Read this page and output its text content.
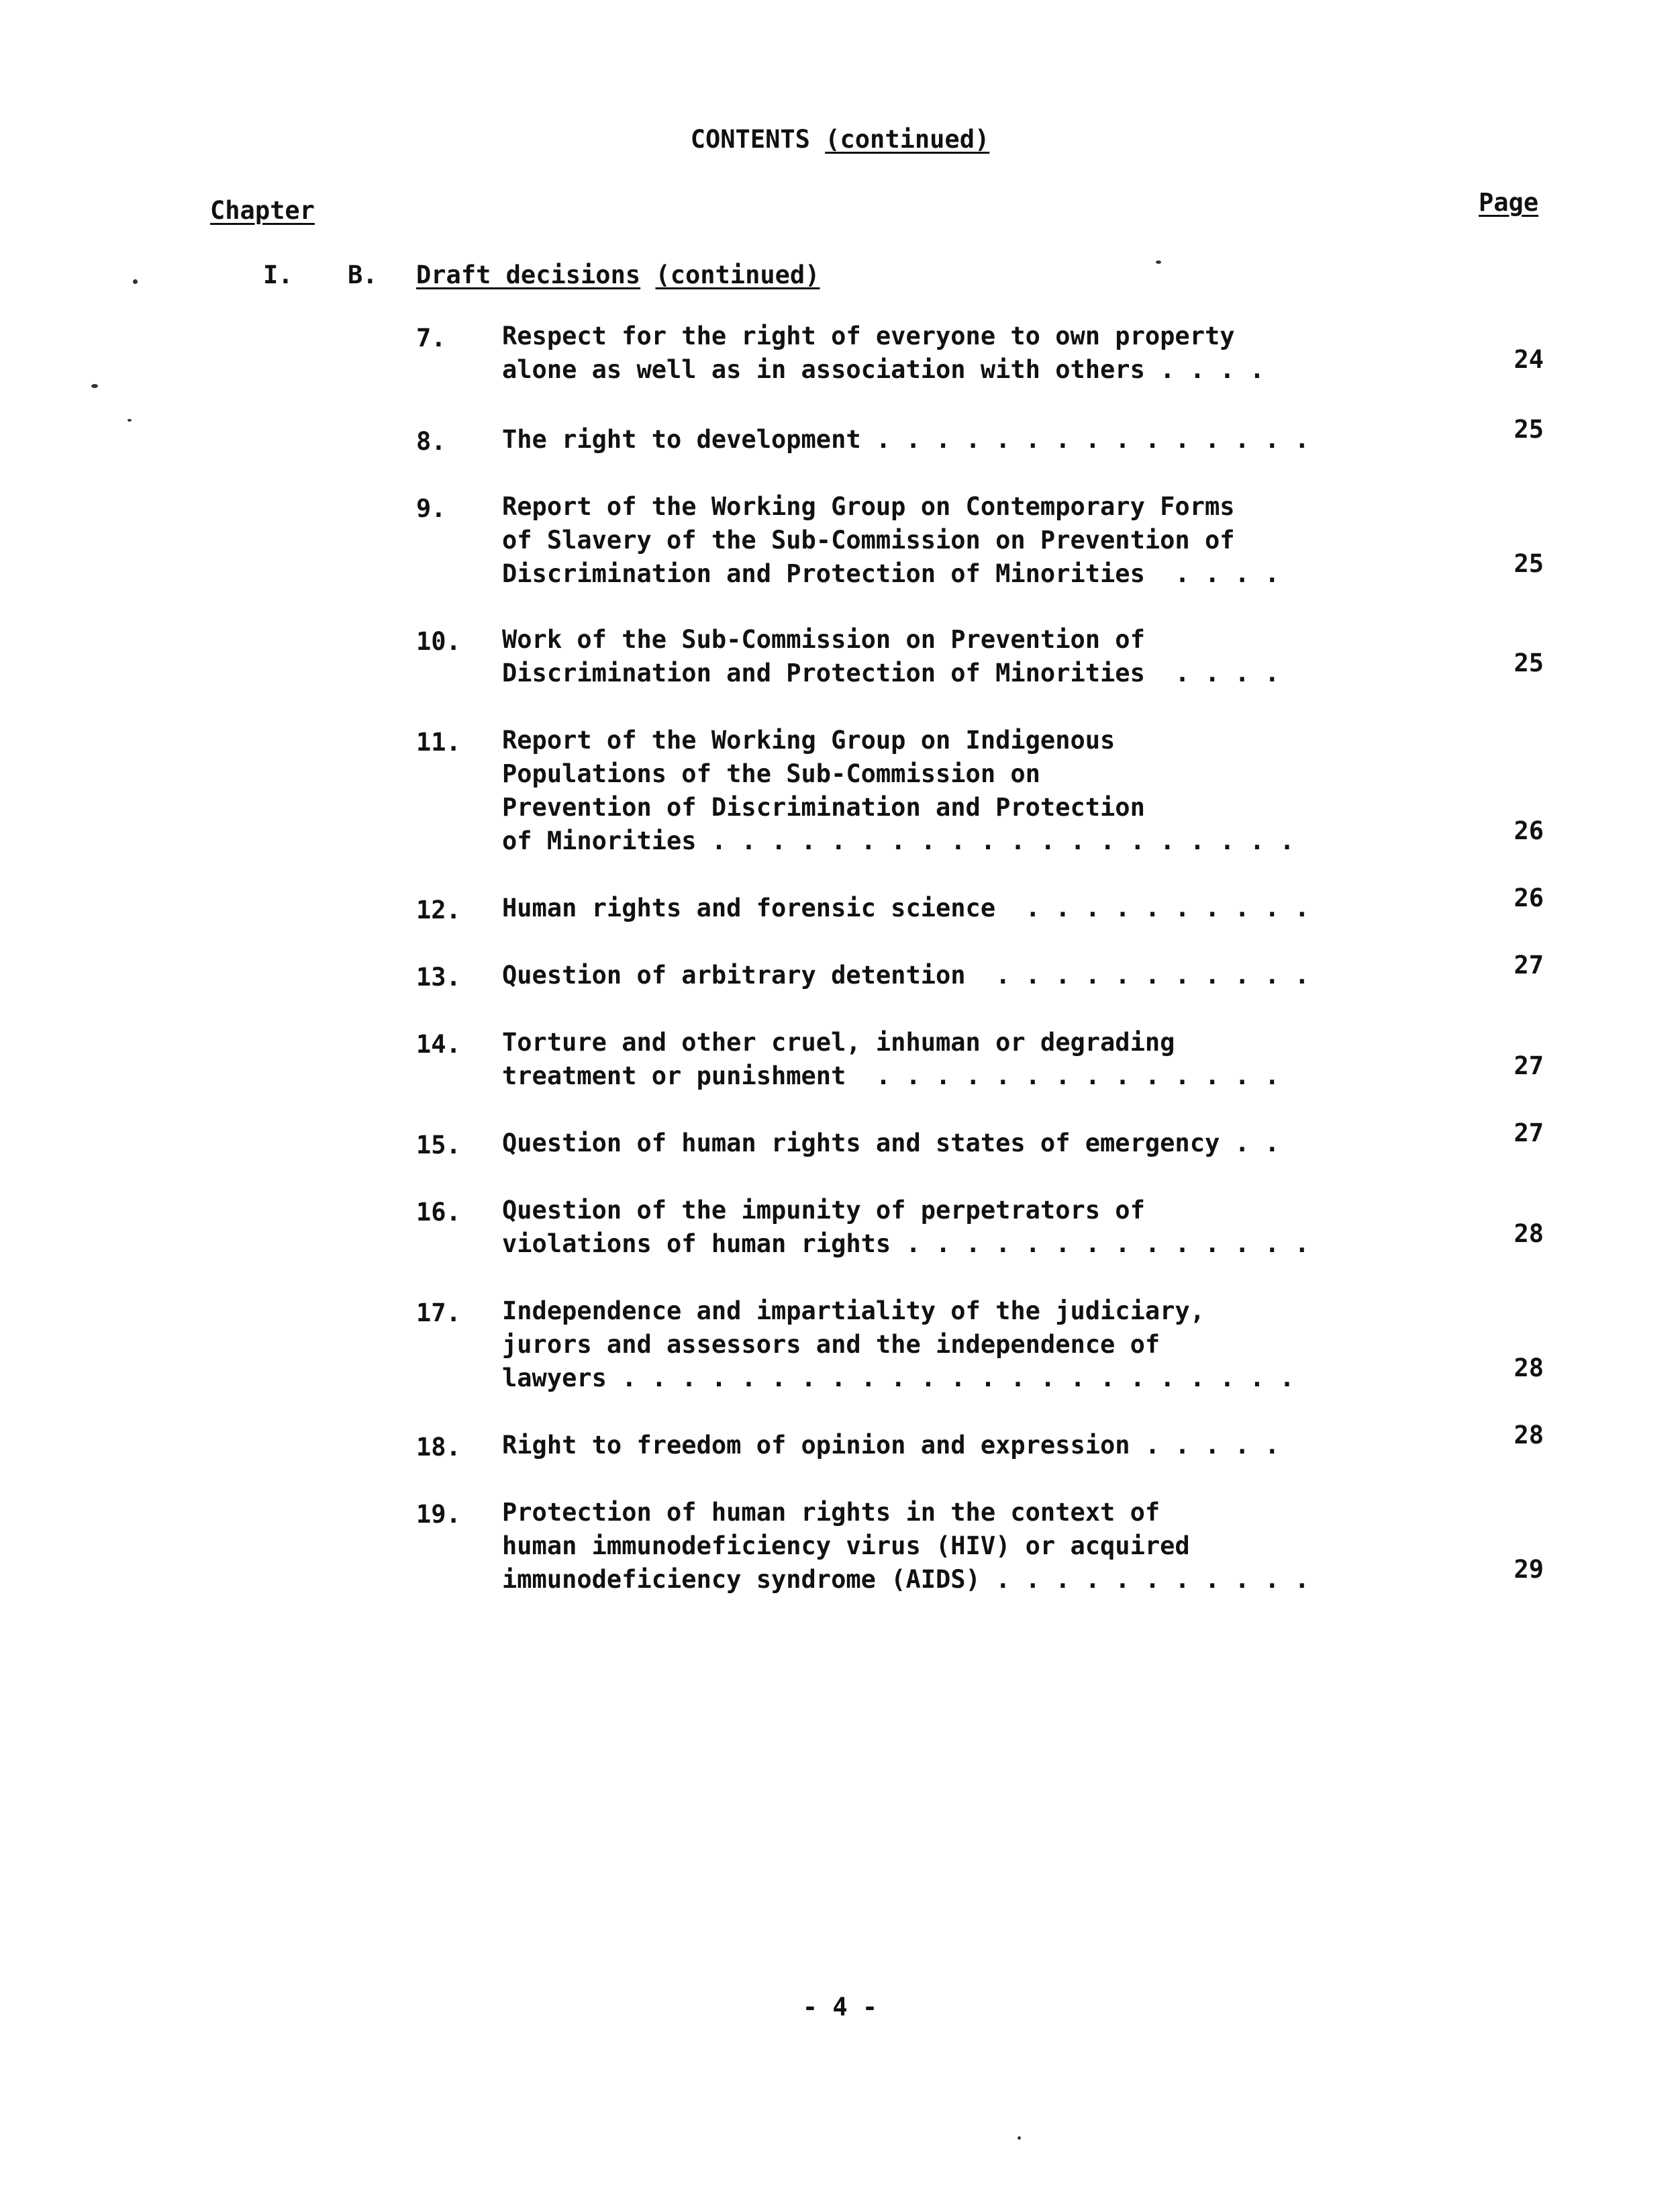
CONTENTS (continued)
Chapter	Page
I. B. Draft decisions (continued)
7.	Respect for the right of everyone to own property
alone as well as in association with others . . . .	24
8.	The right to development . . . . . . . . . . . . . . .	25
9.	Report of the Working Group on Contemporary Forms
of Slavery of the Sub-Commission on Prevention of
Discrimination and Protection of Minorities  . . . .	25
10.	Work of the Sub-Commission on Prevention of
Discrimination and Protection of Minorities  . . . .	25
11.	Report of the Working Group on Indigenous
Populations of the Sub-Commission on
Prevention of Discrimination and Protection
of Minorities . . . . . . . . . . . . . . . . . . . .	26
12.	Human rights and forensic science  . . . . . . . . . .	26
13.	Question of arbitrary detention  . . . . . . . . . . .	27
14.	Torture and other cruel, inhuman or degrading
treatment or punishment  . . . . . . . . . . . . . .	27
15.	Question of human rights and states of emergency . .	27
16.	Question of the impunity of perpetrators of
violations of human rights . . . . . . . . . . . . . .	28
17.	Independence and impartiality of the judiciary,
jurors and assessors and the independence of
lawyers . . . . . . . . . . . . . . . . . . . . . . .	28
18.	Right to freedom of opinion and expression . . . . .	28
19.	Protection of human rights in the context of
human immunodeficiency virus (HIV) or acquired
immunodeficiency syndrome (AIDS) . . . . . . . . . . .	29
- 4 -
